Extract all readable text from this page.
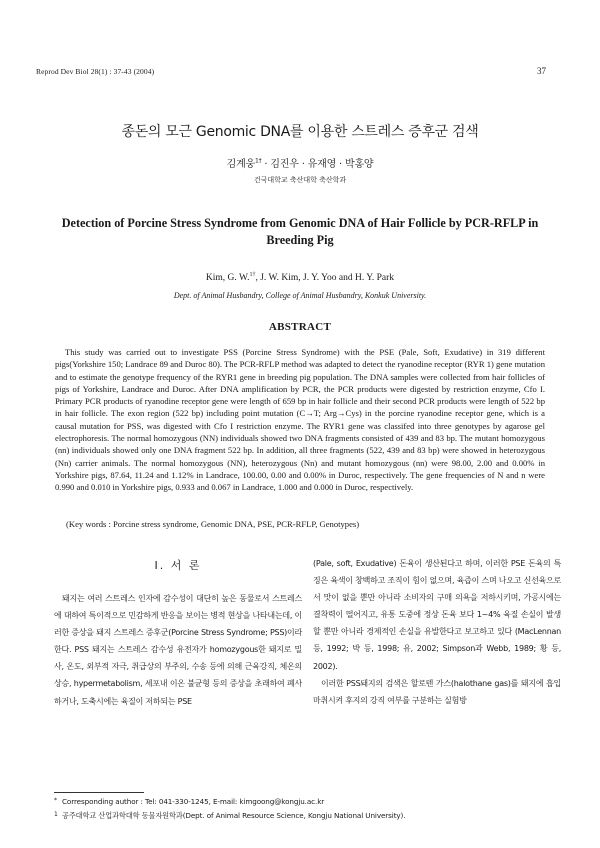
Reprod Dev Biol 28(1) : 37-43 (2004)	37
종돈의 모근 Genomic DNA를 이용한 스트레스 증후군 검색
김계웅$^{1\dagger}$ · 김진우 · 유재영 · 박홍양
건국대학교 축산대학 축산학과
Detection of Porcine Stress Syndrome from Genomic DNA of Hair Follicle by PCR-RFLP in Breeding Pig
Kim, G. W.$^{1\dagger}$, J. W. Kim, J. Y. Yoo and H. Y. Park
Dept. of Animal Husbandry, College of Animal Husbandry, Konkuk University.
ABSTRACT

This study was carried out to investigate PSS (Porcine Stress Syndrome) with the PSE (Pale, Soft, Exudative) in 319 different pigs(Yorkshire 150; Landrace 89 and Duroc 80). The PCR-RFLP method was adapted to detect the ryanodine receptor (RYR 1) gene mutation and to estimate the genotype frequency of the RYR1 gene in breeding pig population. The DNA samples were collected from hair follicles of pigs of Yorkshire, Landrace and Duroc. After DNA amplification by PCR, the PCR products were digested by restriction enzyme, Cfo I. Primary PCR products of ryanodine receptor gene were length of 659 bp in hair follicle and their second PCR products were length of 522 bp in hair follicle. The exon region (522 bp) including point mutation (C→T; Arg→Cys) in the porcine ryanodine receptor gene, which is a causal mutation for PSS, was digested with Cfo I restriction enzyme. The RYR1 gene was classifed into three genotypes by agarose gel electrophoresis. The normal homozygous (NN) individuals showed two DNA fragments consisted of 439 and 83 bp. The mutant homozygous (nn) individuals showed only one DNA fragment 522 bp. In addition, all three fragments (522, 439 and 83 bp) were showed in heterozygous (Nn) carrier animals. The normal homozygous (NN), heterozygous (Nn) and mutant homozygous (nn) were 98.00, 2.00 and 0.00% in Yorkshire pigs, 87.64, 11.24 and 1.12% in Landrace, 100.00, 0.00 and 0.00% in Duroc, respectively. The gene frequencies of N and n were 0.990 and 0.010 in Yorkshire pigs, 0.933 and 0.067 in Landrace, 1.000 and 0.000 in Duroc, respectively.

(Key words : Porcine stress syndrome, Genomic DNA, PSE, PCR-RFLP, Genotypes)
I. 서 론

돼지는 여러 스트레스 인자에 감수성이 대단히 높은 동물로서 스트레스에 대하여 특이적으로 민감하게 반응을 보이는 병적 현상을 나타내는데, 이러한 증상을 돼지 스트레스 증후군(Porcine Stress Syndrome; PSS)이라 한다. PSS 돼지는 스트레스 감수성 유전자가 homozygous한 돼지로 밀사, 온도, 외부적 자극, 취급상의 부주의, 수송 등에 의해 근육강직, 체온의 상승, hypermetabolism, 세포내 이온 불균형 등의 증상을 초래하여 폐사하거나, 도축시에는 육질이 저하되는 PSE

(Pale, soft, Exudative) 돈육이 생산된다고 하며, 이러한 PSE 돈육의 특징은 육색이 창백하고 조직이 힘이 없으며, 육즙이 스며 나오고 신선육으로서 맛이 없을 뿐만 아니라 소비자의 구매 의욕을 저하시키며, 가공시에는 결착력이 떨어지고, 유통 도중에 정상 돈육 보다 1~4% 육질 손실이 발생할 뿐만 아니라 경제적인 손실을 유발한다고 보고하고 있다 (MacLennan 등, 1992; 박 등, 1998; 유, 2002; Simpson과 Webb, 1989; 황 등, 2002).
이러한 PSS돼지의 검색은 할로텐 가스(halothane gas)를 돼지에 흡입 마취시켜 후지의 강직 여부를 구분하는 실험방
* Corresponding author : Tel: 041-330-1245, E-mail: kimgoong@kongju.ac.kr
1 공주대학교 산업과학대학 동물자원학과(Dept. of Animal Resource Science, Kongju National University).
